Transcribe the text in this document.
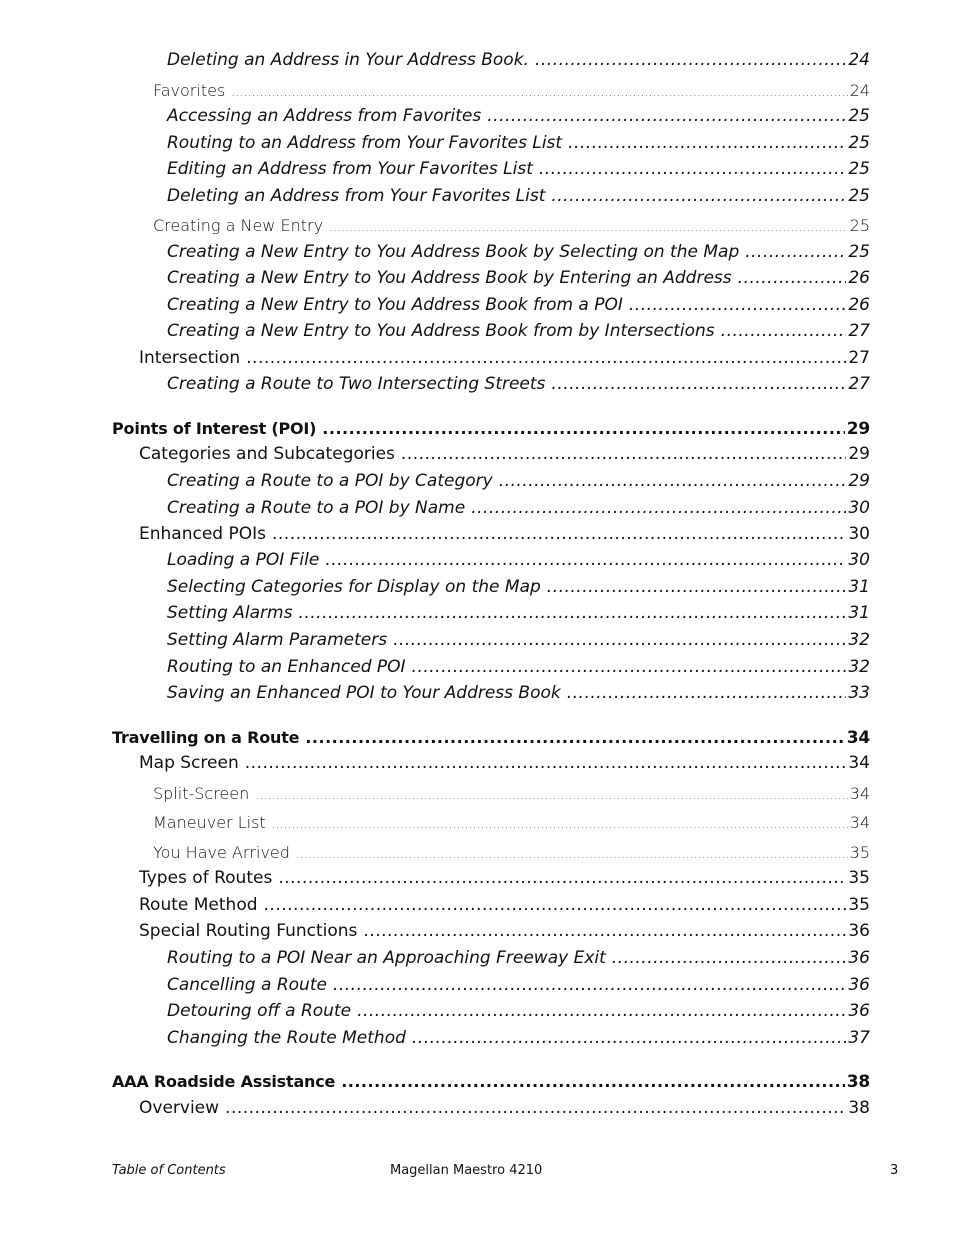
Deleting an Address in Your Address Book. .....	24
Favorites .....	24
Accessing an Address from Favorites .....	25
Routing to an Address from Your Favorites List .....	25
Editing an Address from Your Favorites List .....	25
Deleting an Address from Your Favorites List .....	25
Creating a New Entry .....	25
Creating a New Entry to You Address Book by Selecting on the Map .....	25
Creating a New Entry to You Address Book by Entering an Address .....	26
Creating a New Entry to You Address Book from a POI .....	26
Creating a New Entry to You Address Book from by Intersections .....	27
Intersection .....	27
Creating a Route to Two Intersecting Streets .....	27
Points of Interest (POI) .....	29
Categories and Subcategories .....	29
Creating a Route to a POI by Category .....	29
Creating a Route to a POI by Name .....	30
Enhanced POIs .....	30
Loading a POI File .....	30
Selecting Categories for Display on the Map .....	31
Setting Alarms .....	31
Setting Alarm Parameters .....	32
Routing to an Enhanced POI .....	32
Saving an Enhanced POI to Your Address Book .....	33
Travelling on a Route .....	34
Map Screen .....	34
Split-Screen .....	34
Maneuver List .....	34
You Have Arrived .....	35
Types of Routes .....	35
Route Method .....	35
Special Routing Functions .....	36
Routing to a POI Near an Approaching Freeway Exit .....	36
Cancelling a Route .....	36
Detouring off a Route .....	36
Changing the Route Method .....	37
AAA Roadside Assistance .....	38
Overview .....	38
Table of Contents	Magellan Maestro 4210	3
